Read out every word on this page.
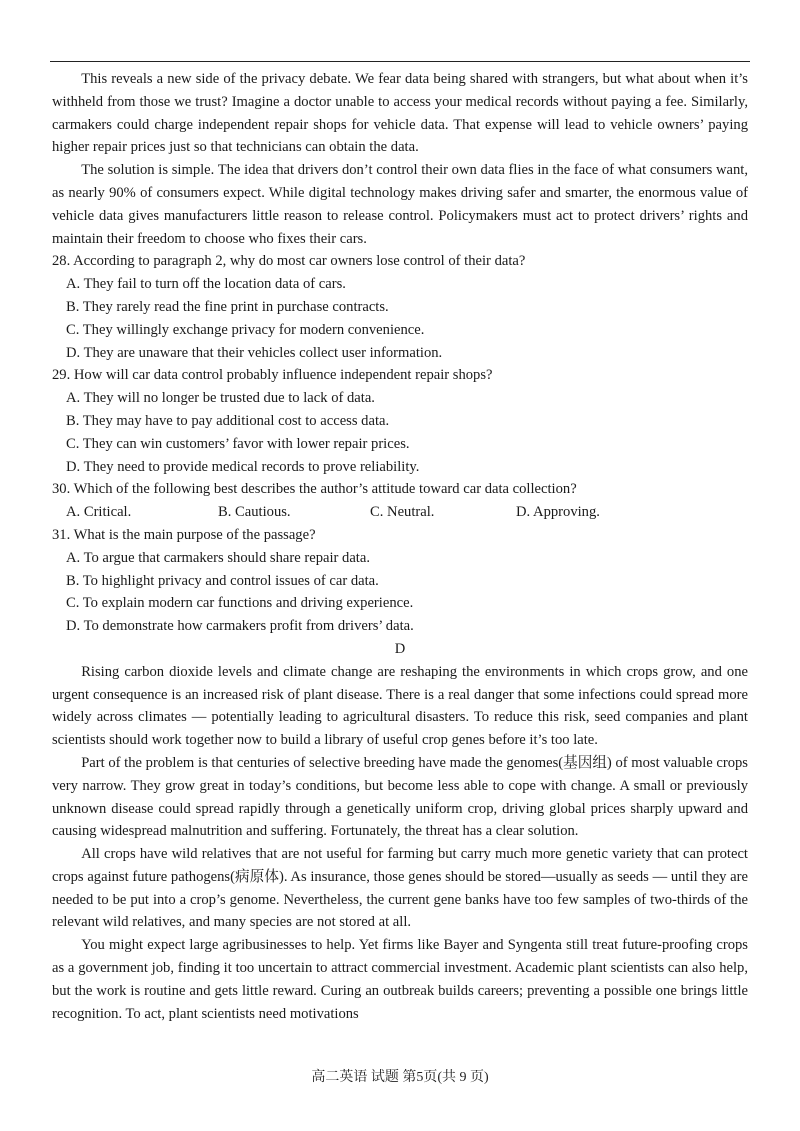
This reveals a new side of the privacy debate. We fear data being shared with strangers, but what about when it’s withheld from those we trust? Imagine a doctor unable to access your medical records without paying a fee. Similarly, carmakers could charge independent repair shops for vehicle data. That expense will lead to vehicle owners’ paying higher repair prices just so that technicians can obtain the data.

The solution is simple. The idea that drivers don’t control their own data flies in the face of what consumers want, as nearly 90% of consumers expect. While digital technology makes driving safer and smarter, the enormous value of vehicle data gives manufacturers little reason to release control. Policymakers must act to protect drivers’ rights and maintain their freedom to choose who fixes their cars.

28. According to paragraph 2, why do most car owners lose control of their data?

A. They fail to turn off the location data of cars.

B. They rarely read the fine print in purchase contracts.

C. They willingly exchange privacy for modern convenience.

D. They are unaware that their vehicles collect user information.

29. How will car data control probably influence independent repair shops?

A. They will no longer be trusted due to lack of data.

B. They may have to pay additional cost to access data.

C. They can win customers’ favor with lower repair prices.

D. They need to provide medical records to prove reliability.

30. Which of the following best describes the author’s attitude toward car data collection?

A. Critical.	B. Cautious.	C. Neutral.	D. Approving.

31. What is the main purpose of the passage?

A. To argue that carmakers should share repair data.

B. To highlight privacy and control issues of car data.

C. To explain modern car functions and driving experience.

D. To demonstrate how carmakers profit from drivers’ data.

D

Rising carbon dioxide levels and climate change are reshaping the environments in which crops grow, and one urgent consequence is an increased risk of plant disease. There is a real danger that some infections could spread more widely across climates — potentially leading to agricultural disasters. To reduce this risk, seed companies and plant scientists should work together now to build a library of useful crop genes before it’s too late.

Part of the problem is that centuries of selective breeding have made the genomes(基因组) of most valuable crops very narrow. They grow great in today’s conditions, but become less able to cope with change. A small or previously unknown disease could spread rapidly through a genetically uniform crop, driving global prices sharply upward and causing widespread malnutrition and suffering. Fortunately, the threat has a clear solution.

All crops have wild relatives that are not useful for farming but carry much more genetic variety that can protect crops against future pathogens(病原体). As insurance, those genes should be stored—usually as seeds — until they are needed to be put into a crop’s genome. Nevertheless, the current gene banks have too few samples of two-thirds of the relevant wild relatives, and many species are not stored at all.

You might expect large agribusinesses to help. Yet firms like Bayer and Syngenta still treat future-proofing crops as a government job, finding it too uncertain to attract commercial investment. Academic plant scientists can also help, but the work is routine and gets little reward. Curing an outbreak builds careers; preventing a possible one brings little recognition. To act, plant scientists need motivations

高二英语 试题 第5页(共 9 页)
